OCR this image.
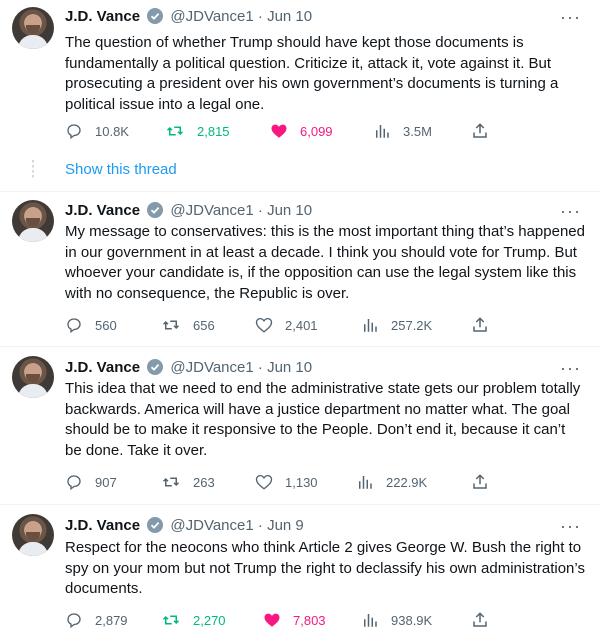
J.D. Vance @JDVance1 · Jun 10	···
The question of whether Trump should have kept those documents is fundamentally a political question. Criticize it, attack it, vote against it. But prosecuting a president over his own government’s documents is turning a political issue into a legal one.
10.8K	2,815	6,099	3.5M
Show this thread
J.D. Vance @JDVance1 · Jun 10	···
My message to conservatives: this is the most important thing that’s happened in our government in at least a decade. I think you should vote for Trump. But whoever your candidate is, if the opposition can use the legal system like this with no consequence, the Republic is over.
560	656	2,401	257.2K
J.D. Vance @JDVance1 · Jun 10	···
This idea that we need to end the administrative state gets our problem totally backwards. America will have a justice department no matter what. The goal should be to make it responsive to the People. Don’t end it, because it can’t be done. Take it over.
907	263	1,130	222.9K
J.D. Vance @JDVance1 · Jun 9	···
Respect for the neocons who think Article 2 gives George W. Bush the right to spy on your mom but not Trump the right to declassify his own administration’s documents.
2,879	2,270	7,803	938.9K
